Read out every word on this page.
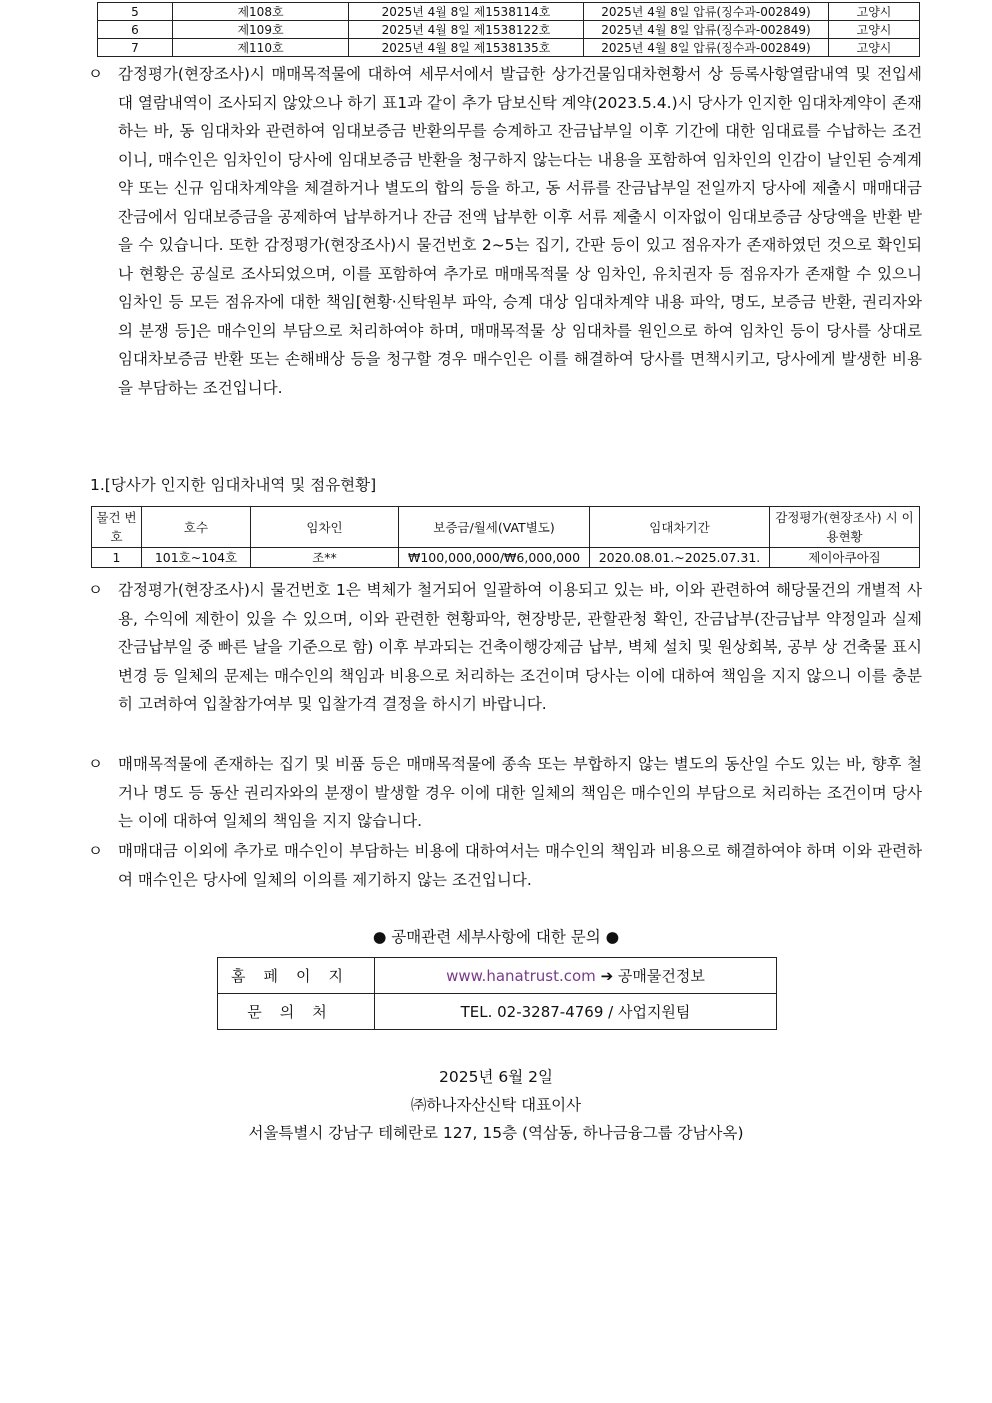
5	제108호	2025년 4월 8일 제1538114호	2025년 4월 8일 압류(징수과-002849)	고양시
6	제109호	2025년 4월 8일 제1538122호	2025년 4월 8일 압류(징수과-002849)	고양시
7	제110호	2025년 4월 8일 제1538135호	2025년 4월 8일 압류(징수과-002849)	고양시
ㅇ 감정평가(현장조사)시 매매목적물에 대하여 세무서에서 발급한 상가건물임대차현황서 상 등록사항열람내역 및 전입세대 열람내역이 조사되지 않았으나 하기 표1과 같이 추가 담보신탁 계약(2023.5.4.)시 당사가 인지한 임대차계약이 존재하는 바, 동 임대차와 관련하여 임대보증금 반환의무를 승계하고 잔금납부일 이후 기간에 대한 임대료를 수납하는 조건이니, 매수인은 임차인이 당사에 임대보증금 반환을 청구하지 않는다는 내용을 포함하여 임차인의 인감이 날인된 승계계약 또는 신규 임대차계약을 체결하거나 별도의 합의 등을 하고, 동 서류를 잔금납부일 전일까지 당사에 제출시 매매대금 잔금에서 임대보증금을 공제하여 납부하거나 잔금 전액 납부한 이후 서류 제출시 이자없이 임대보증금 상당액을 반환 받을 수 있습니다. 또한 감정평가(현장조사)시 물건번호 2~5는 집기, 간판 등이 있고 점유자가 존재하였던 것으로 확인되나 현황은 공실로 조사되었으며, 이를 포함하여 추가로 매매목적물 상 임차인, 유치권자 등 점유자가 존재할 수 있으니 임차인 등 모든 점유자에 대한 책임[현황·신탁원부 파악, 승계 대상 임대차계약 내용 파악, 명도, 보증금 반환, 권리자와의 분쟁 등]은 매수인의 부담으로 처리하여야 하며, 매매목적물 상 임대차를 원인으로 하여 임차인 등이 당사를 상대로 임대차보증금 반환 또는 손해배상 등을 청구할 경우 매수인은 이를 해결하여 당사를 면책시키고, 당사에게 발생한 비용을 부담하는 조건입니다.
1.[당사가 인지한 임대차내역 및 점유현황]
물건 번호	호수	임차인	보증금/월세(VAT별도)	임대차기간	감정평가(현장조사) 시 이용현황
1	101호~104호	조**	₩100,000,000/₩6,000,000	2020.08.01.~2025.07.31.	제이아쿠아짐
ㅇ 감정평가(현장조사)시 물건번호 1은 벽체가 철거되어 일괄하여 이용되고 있는 바, 이와 관련하여 해당물건의 개별적 사용, 수익에 제한이 있을 수 있으며, 이와 관련한 현황파악, 현장방문, 관할관청 확인, 잔금납부(잔금납부 약정일과 실제 잔금납부일 중 빠른 날을 기준으로 함) 이후 부과되는 건축이행강제금 납부, 벽체 설치 및 원상회복, 공부 상 건축물 표시 변경 등 일체의 문제는 매수인의 책임과 비용으로 처리하는 조건이며 당사는 이에 대하여 책임을 지지 않으니 이를 충분히 고려하여 입찰참가여부 및 입찰가격 결정을 하시기 바랍니다.
ㅇ 매매목적물에 존재하는 집기 및 비품 등은 매매목적물에 종속 또는 부합하지 않는 별도의 동산일 수도 있는 바, 향후 철거나 명도 등 동산 권리자와의 분쟁이 발생할 경우 이에 대한 일체의 책임은 매수인의 부담으로 처리하는 조건이며 당사는 이에 대하여 일체의 책임을 지지 않습니다.
ㅇ 매매대금 이외에 추가로 매수인이 부담하는 비용에 대하여서는 매수인의 책임과 비용으로 해결하여야 하며 이와 관련하여 매수인은 당사에 일체의 이의를 제기하지 않는 조건입니다.
● 공매관련 세부사항에 대한 문의 ●
홈페이지	www.hanatrust.com ➔ 공매물건정보
문의처	TEL. 02-3287-4769 / 사업지원팀
2025년 6월 2일
㈜하나자산신탁 대표이사
서울특별시 강남구 테헤란로 127, 15층 (역삼동, 하나금융그룹 강남사옥)
